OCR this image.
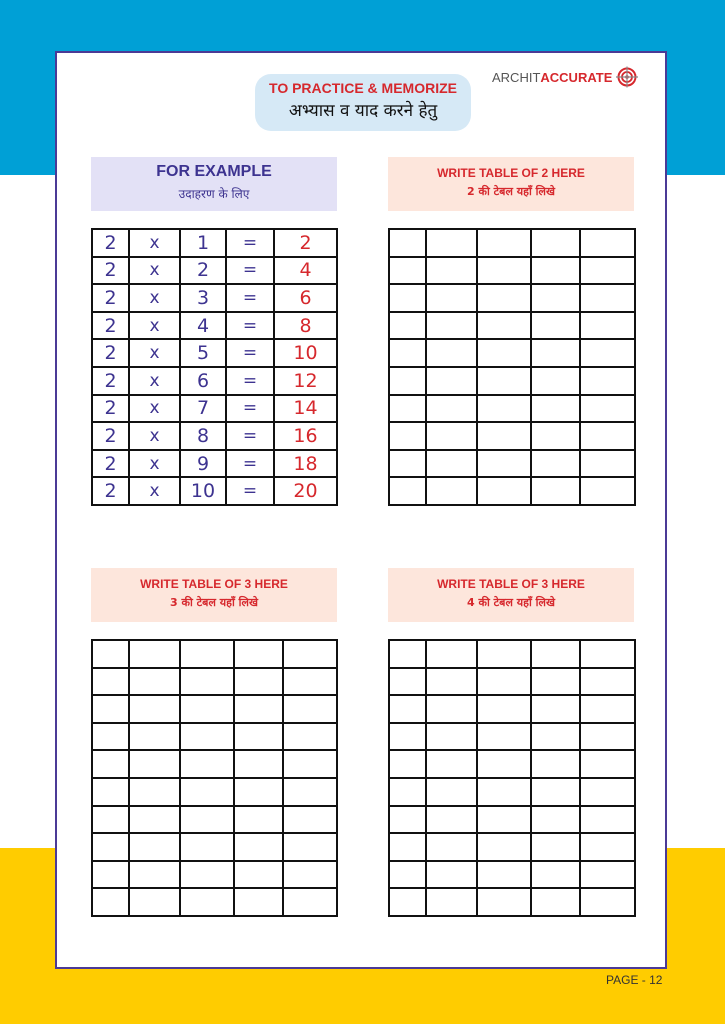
TO PRACTICE & MEMORIZE
अभ्यास व याद करने हेतु
ARCHIT ACCURATE
FOR EXAMPLE
उदाहरण के लिए
WRITE TABLE OF 2 HERE
2 की टेबल यहाँ लिखे
WRITE TABLE OF 3 HERE
3 की टेबल यहाँ लिखे
WRITE TABLE OF 3 HERE
4 की टेबल यहाँ लिखे
2	x	1	=	2
2	x	2	=	4
2	x	3	=	6
2	x	4	=	8
2	x	5	=	10
2	x	6	=	12
2	x	7	=	14
2	x	8	=	16
2	x	9	=	18
2	x	10	=	20

PAGE - 12
